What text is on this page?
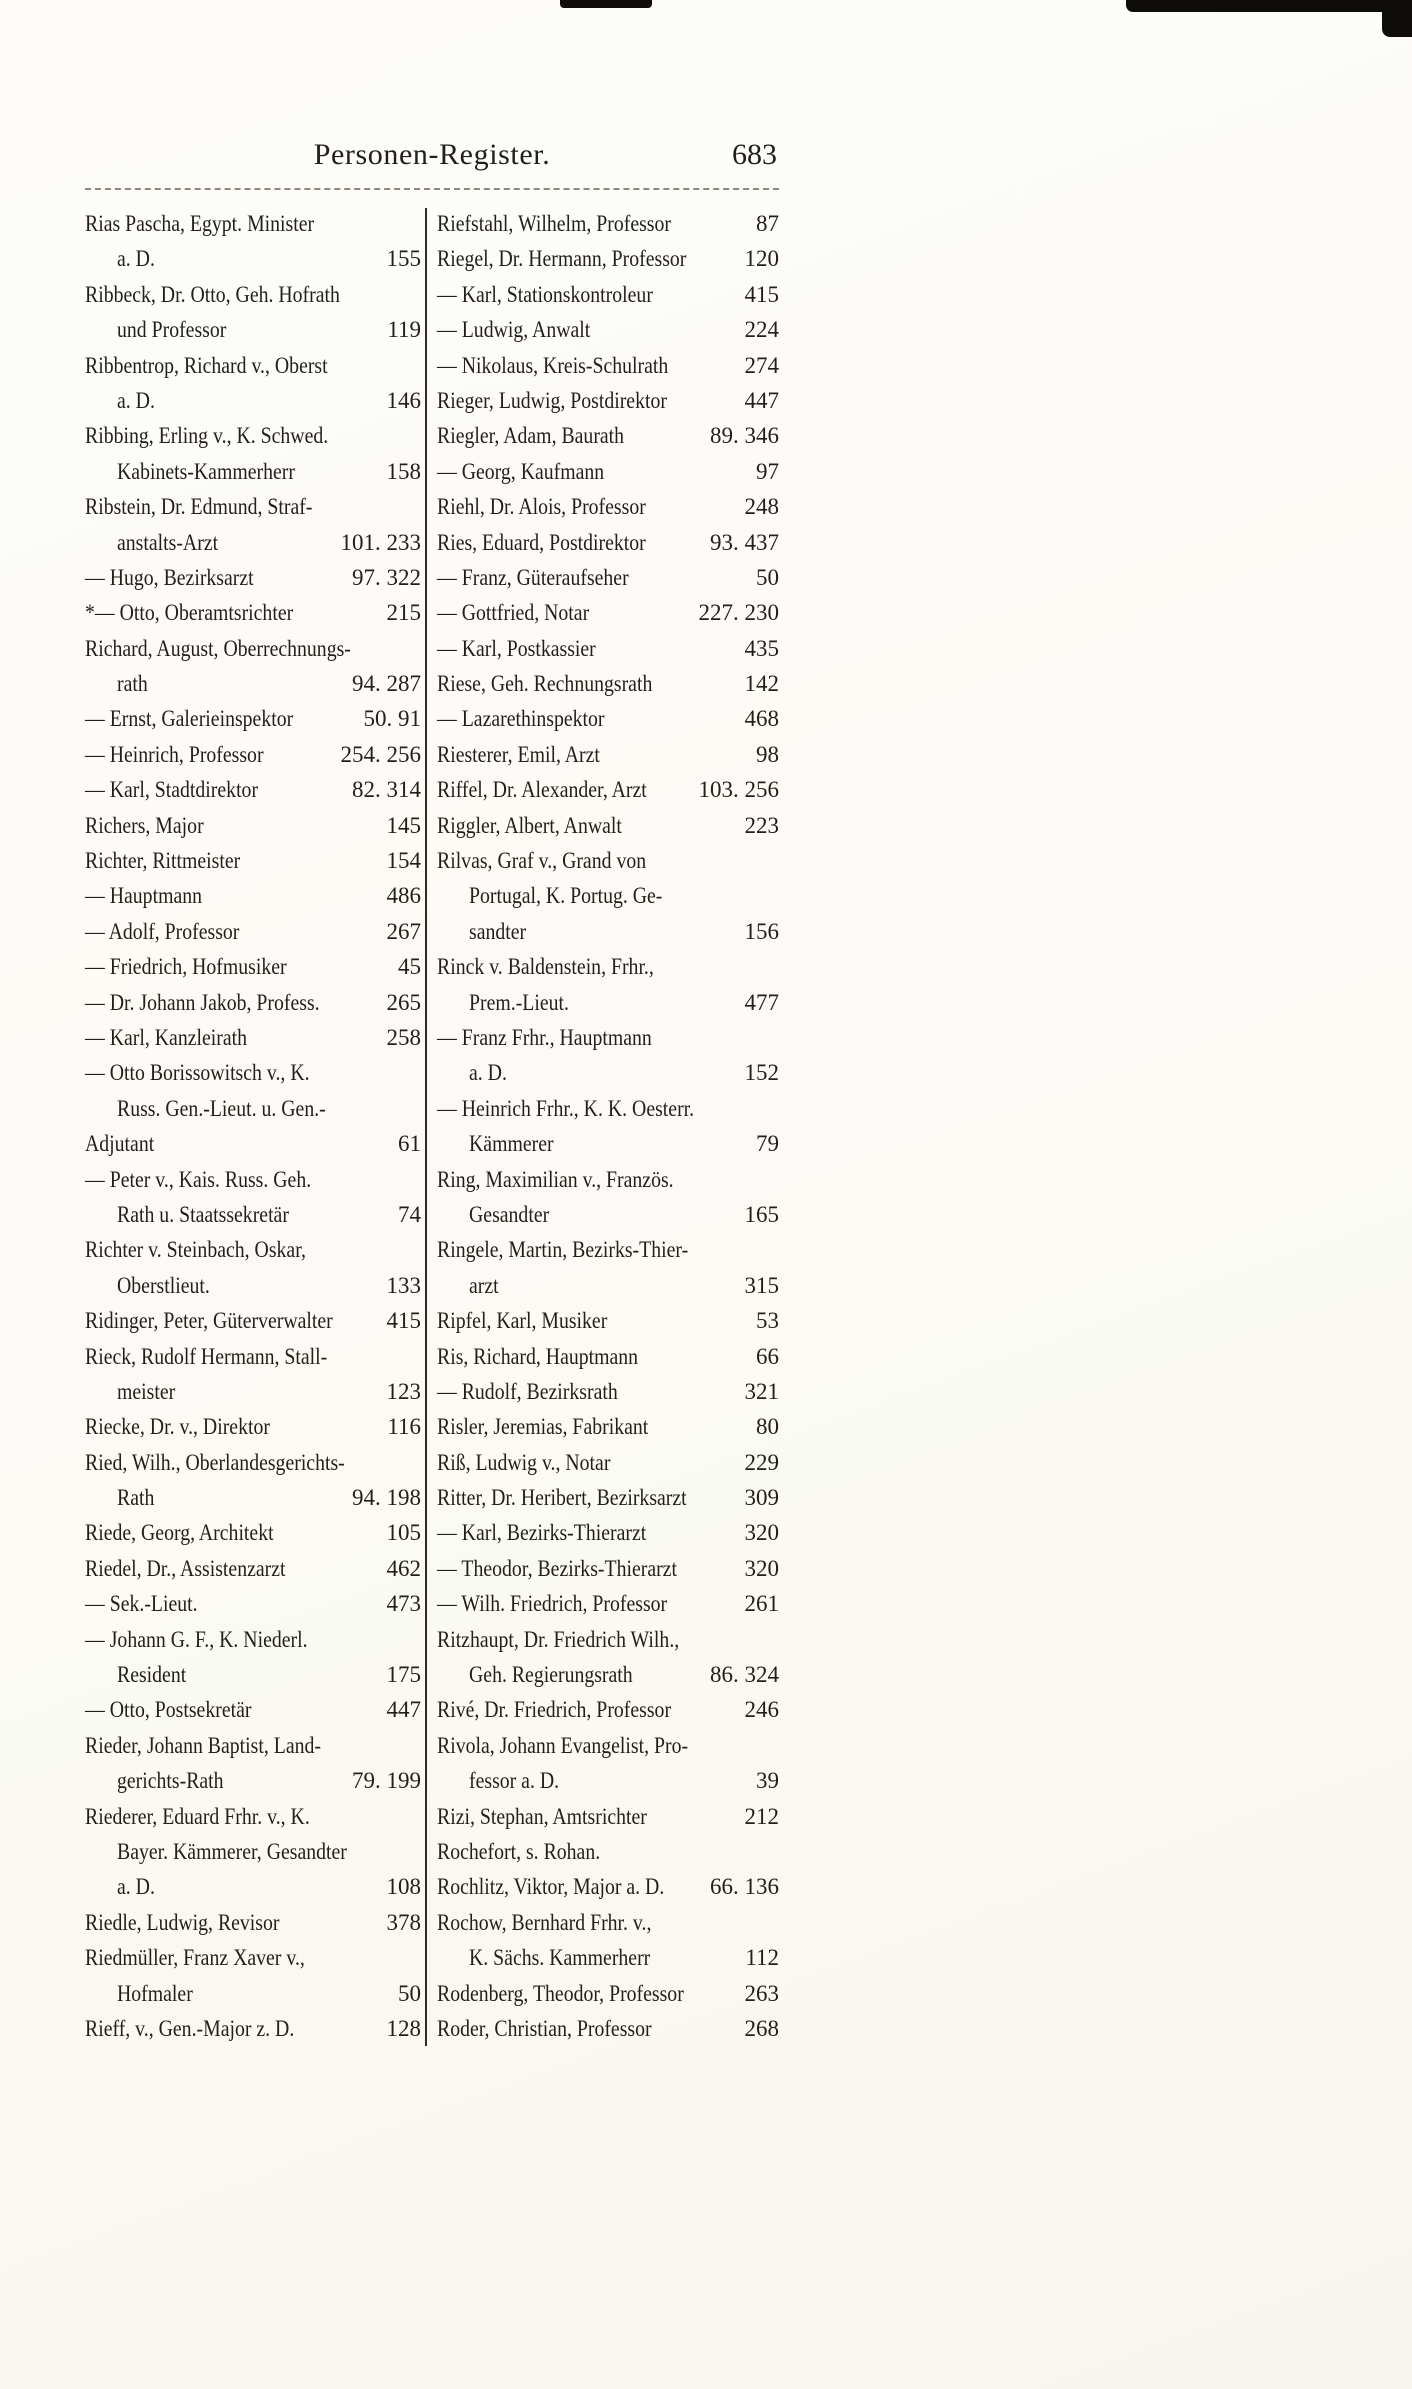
Personen-Register.	683
Rias Pascha, Egypt. Minister
a. D.	155
Ribbeck, Dr. Otto, Geh. Hofrath
und Professor	119
Ribbentrop, Richard v., Oberst
a. D.	146
Ribbing, Erling v., K. Schwed.
Kabinets-Kammerherr	158
Ribstein, Dr. Edmund, Straf-
anstalts-Arzt	101. 233
— Hugo, Bezirksarzt	97. 322
*— Otto, Oberamtsrichter	215
Richard, August, Oberrechnungs-
rath	94. 287
— Ernst, Galerieinspektor	50. 91
— Heinrich, Professor	254. 256
— Karl, Stadtdirektor	82. 314
Richers, Major	145
Richter, Rittmeister	154
— Hauptmann	486
— Adolf, Professor	267
— Friedrich, Hofmusiker	45
— Dr. Johann Jakob, Profess.	265
— Karl, Kanzleirath	258
— Otto Borissowitsch v., K.
Russ. Gen.-Lieut. u. Gen.-
Adjutant	61
— Peter v., Kais. Russ. Geh.
Rath u. Staatssekretär	74
Richter v. Steinbach, Oskar,
Oberstlieut.	133
Ridinger, Peter, Güterverwalter 415
Rieck, Rudolf Hermann, Stall-
meister	123
Riecke, Dr. v., Direktor	116
Ried, Wilh., Oberlandesgerichts-
Rath	94. 198
Riede, Georg, Architekt	105
Riedel, Dr., Assistenzarzt	462
— Sek.-Lieut.	473
— Johann G. F., K. Niederl.
Resident	175
— Otto, Postsekretär	447
Rieder, Johann Baptist, Land-
gerichts-Rath	79. 199
Riederer, Eduard Frhr. v., K.
Bayer. Kämmerer, Gesandter
a. D.	108
Riedle, Ludwig, Revisor	378
Riedmüller, Franz Xaver v.,
Hofmaler	50
Rieff, v., Gen.-Major z. D.	128
Riefstahl, Wilhelm, Professor	87
Riegel, Dr. Hermann, Professor	120
— Karl, Stationskontroleur	415
— Ludwig, Anwalt	224
— Nikolaus, Kreis-Schulrath	274
Rieger, Ludwig, Postdirektor	447
Riegler, Adam, Baurath	89. 346
— Georg, Kaufmann	97
Riehl, Dr. Alois, Professor	248
Ries, Eduard, Postdirektor	93. 437
— Franz, Güteraufseher	50
— Gottfried, Notar	227. 230
— Karl, Postkassier	435
Riese, Geh. Rechnungsrath	142
— Lazarethinspektor	468
Riesterer, Emil, Arzt	98
Riffel, Dr. Alexander, Arzt 103. 256
Riggler, Albert, Anwalt	223
Rilvas, Graf v., Grand von
Portugal, K. Portug. Ge-
sandter	156
Rinck v. Baldenstein, Frhr.,
Prem.-Lieut.	477
— Franz Frhr., Hauptmann
a. D.	152
— Heinrich Frhr., K. K. Oesterr.
Kämmerer	79
Ring, Maximilian v., Französ.
Gesandter	165
Ringele, Martin, Bezirks-Thier-
arzt	315
Ripfel, Karl, Musiker	53
Ris, Richard, Hauptmann	66
— Rudolf, Bezirksrath	321
Risler, Jeremias, Fabrikant	80
Riß, Ludwig v., Notar	229
Ritter, Dr. Heribert, Bezirksarzt	309
— Karl, Bezirks-Thierarzt	320
— Theodor, Bezirks-Thierarzt	320
— Wilh. Friedrich, Professor	261
Ritzhaupt, Dr. Friedrich Wilh.,
Geh. Regierungsrath	86. 324
Rivé, Dr. Friedrich, Professor	246
Rivola, Johann Evangelist, Pro-
fessor a. D.	39
Rizi, Stephan, Amtsrichter	212
Rochefort, s. Rohan.
Rochlitz, Viktor, Major a. D. 66. 136
Rochow, Bernhard Frhr. v.,
K. Sächs. Kammerherr	112
Rodenberg, Theodor, Professor	263
Roder, Christian, Professor	268
